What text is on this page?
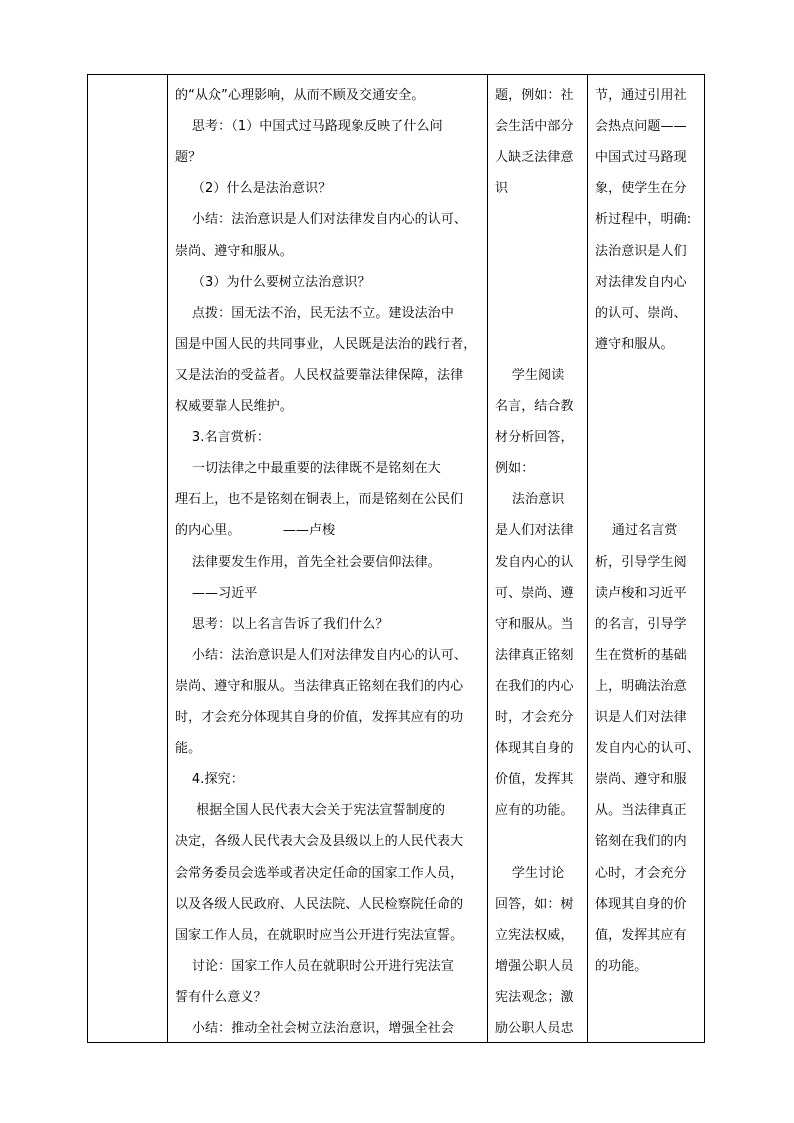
的“从众”心理影响，从而不顾及交通安全。
思考：（1）中国式过马路现象反映了什么问
题？
（2）什么是法治意识？
小结：法治意识是人们对法律发自内心的认可、
崇尚、遵守和服从。
（3）为什么要树立法治意识？
点拨：国无法不治，民无法不立。建设法治中
国是中国人民的共同事业，人民既是法治的践行者，
又是法治的受益者。人民权益要靠法律保障，法律
权威要靠人民维护。
3.名言赏析：
一切法律之中最重要的法律既不是铭刻在大
理石上，也不是铭刻在铜表上，而是铭刻在公民们
的内心里。          ——卢梭
法律要发生作用，首先全社会要信仰法律。
——习近平
思考：以上名言告诉了我们什么？
小结：法治意识是人们对法律发自内心的认可、
崇尚、遵守和服从。当法律真正铭刻在我们的内心
时，才会充分体现其自身的价值，发挥其应有的功
能。
4.探究：
根据全国人民代表大会关于宪法宣誓制度的
决定，各级人民代表大会及县级以上的人民代表大
会常务委员会选举或者决定任命的国家工作人员，
以及各级人民政府、人民法院、人民检察院任命的
国家工作人员，在就职时应当公开进行宪法宣誓。
讨论：国家工作人员在就职时公开进行宪法宣
誓有什么意义？
小结：推动全社会树立法治意识，增强全社会
题，例如：社
会生活中部分
人缺乏法律意
识
学生阅读
名言，结合教
材分析回答，
例如：
法治意识
是人们对法律
发自内心的认
可、崇尚、遵
守和服从。当
法律真正铭刻
在我们的内心
时，才会充分
体现其自身的
价值，发挥其
应有的功能。
学生讨论
回答，如：树
立宪法权威，
增强公职人员
宪法观念；激
励公职人员忠
节，通过引用社
会热点问题——
中国式过马路现
象，使学生在分
析过程中，明确:
法治意识是人们
对法律发自内心
的认可、崇尚、
遵守和服从。
通过名言赏
析，引导学生阅
读卢梭和习近平
的名言，引导学
生在赏析的基础
上，明确法治意
识是人们对法律
发自内心的认可、
崇尚、遵守和服
从。当法律真正
铭刻在我们的内
心时，才会充分
体现其自身的价
值，发挥其应有
的功能。
